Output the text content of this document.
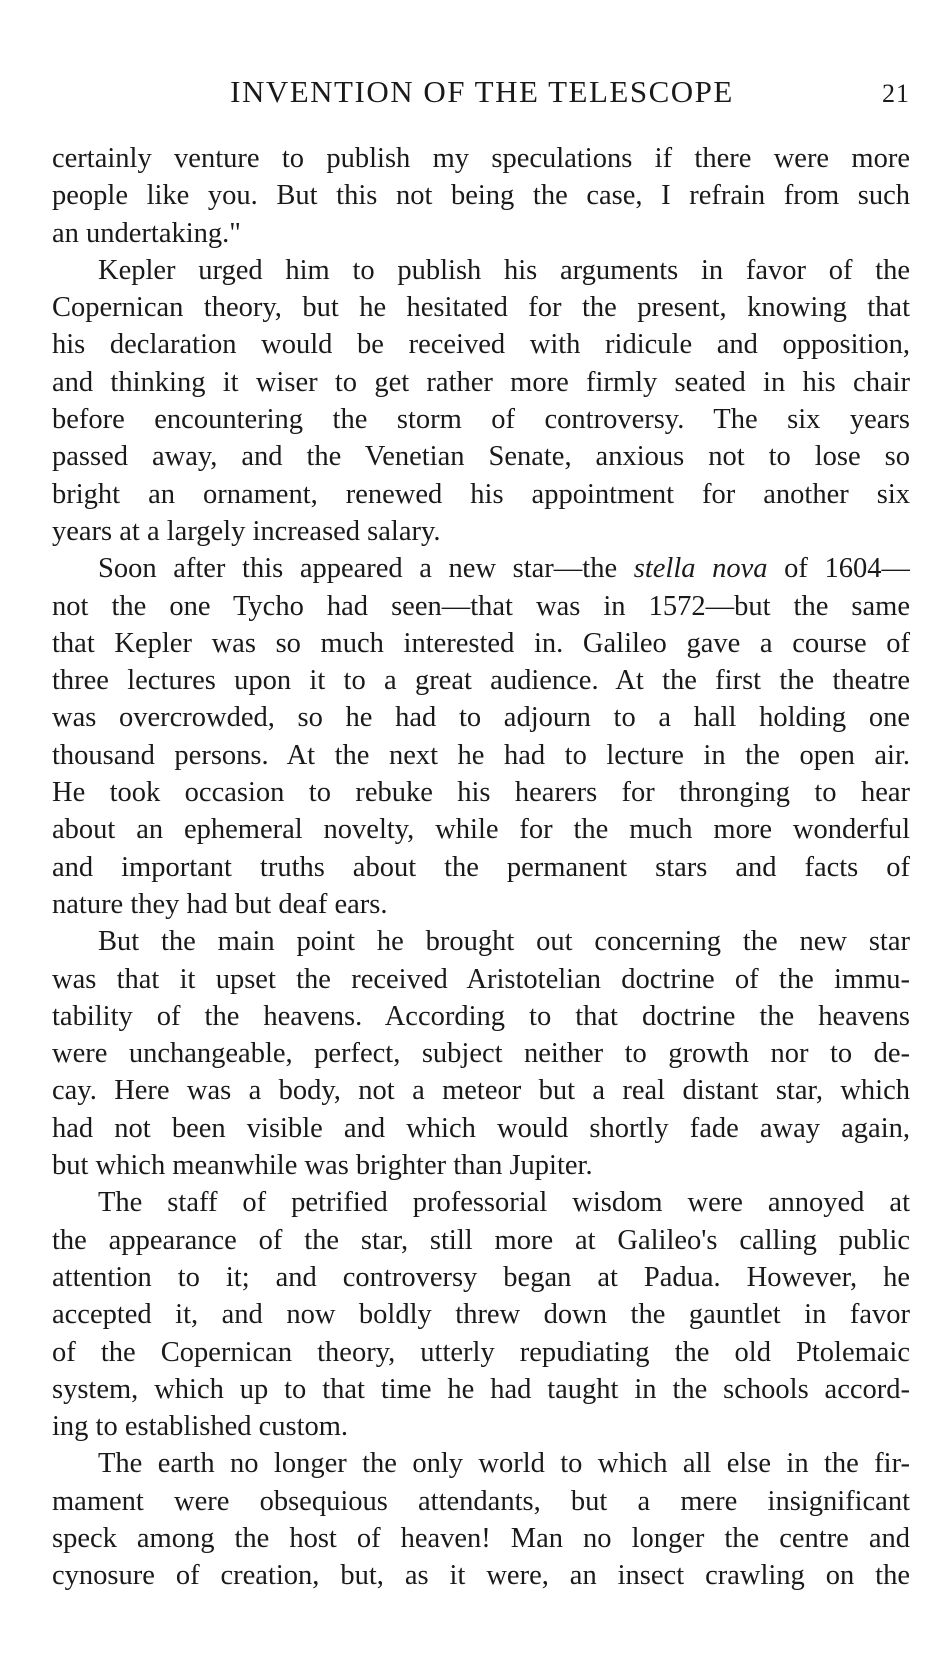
INVENTION OF THE TELESCOPE	21
certainly venture to publish my speculations if there were more
people like you. But this not being the case, I refrain from such
an undertaking."
Kepler urged him to publish his arguments in favor of the
Copernican theory, but he hesitated for the present, knowing that
his declaration would be received with ridicule and opposition,
and thinking it wiser to get rather more firmly seated in his chair
before encountering the storm of controversy. The six years
passed away, and the Venetian Senate, anxious not to lose so
bright an ornament, renewed his appointment for another six
years at a largely increased salary.
Soon after this appeared a new star—the stella nova of 1604—
not the one Tycho had seen—that was in 1572—but the same
that Kepler was so much interested in. Galileo gave a course of
three lectures upon it to a great audience. At the first the theatre
was overcrowded, so he had to adjourn to a hall holding one
thousand persons. At the next he had to lecture in the open air.
He took occasion to rebuke his hearers for thronging to hear
about an ephemeral novelty, while for the much more wonderful
and important truths about the permanent stars and facts of
nature they had but deaf ears.
But the main point he brought out concerning the new star
was that it upset the received Aristotelian doctrine of the immu-
tability of the heavens. According to that doctrine the heavens
were unchangeable, perfect, subject neither to growth nor to de-
cay. Here was a body, not a meteor but a real distant star, which
had not been visible and which would shortly fade away again,
but which meanwhile was brighter than Jupiter.
The staff of petrified professorial wisdom were annoyed at
the appearance of the star, still more at Galileo's calling public
attention to it; and controversy began at Padua. However, he
accepted it, and now boldly threw down the gauntlet in favor
of the Copernican theory, utterly repudiating the old Ptolemaic
system, which up to that time he had taught in the schools accord-
ing to established custom.
The earth no longer the only world to which all else in the fir-
mament were obsequious attendants, but a mere insignificant
speck among the host of heaven! Man no longer the centre and
cynosure of creation, but, as it were, an insect crawling on the
